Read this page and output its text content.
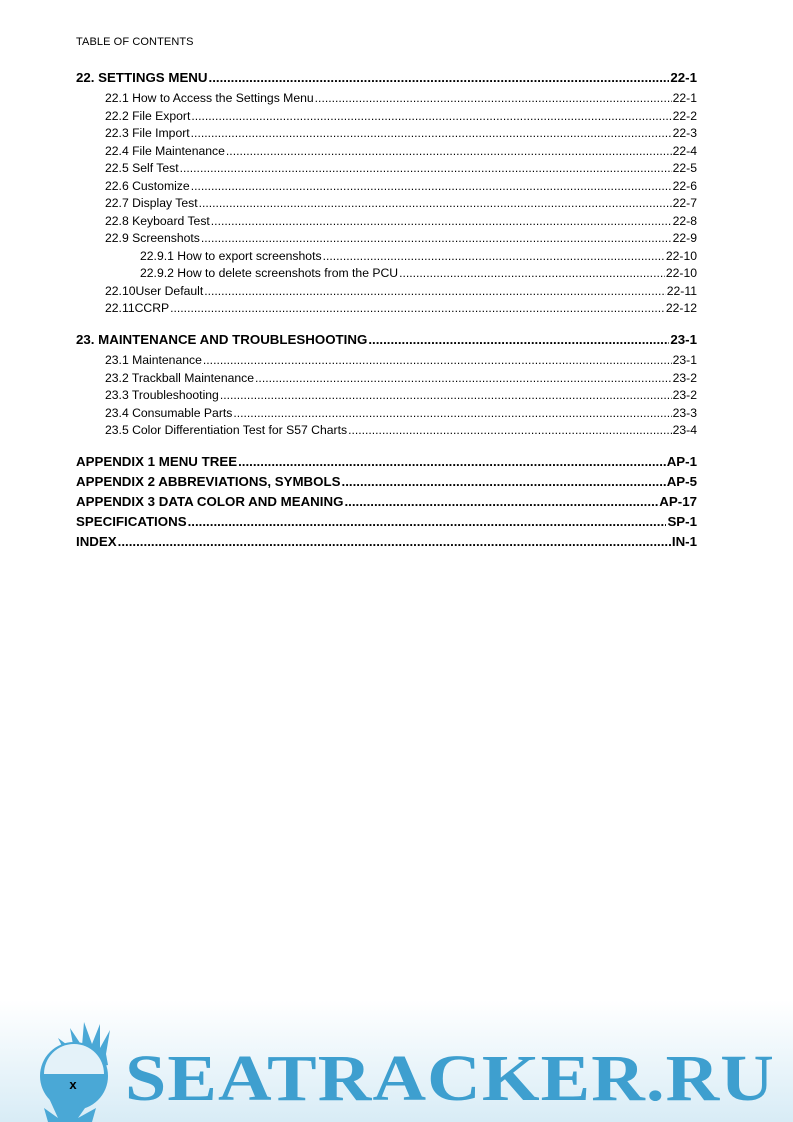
TABLE OF CONTENTS
22. SETTINGS MENU .....	22-1
22.1 How to Access the Settings Menu .....	22-1
22.2 File Export .....	22-2
22.3 File Import .....	22-3
22.4 File Maintenance .....	22-4
22.5 Self Test .....	22-5
22.6 Customize .....	22-6
22.7 Display Test .....	22-7
22.8 Keyboard Test .....	22-8
22.9 Screenshots .....	22-9
22.9.1 How to export screenshots .....	22-10
22.9.2 How to delete screenshots from the PCU .....	22-10
22.10User Default .....	22-11
22.11CCRP .....	22-12
23. MAINTENANCE AND TROUBLESHOOTING .....	23-1
23.1 Maintenance .....	23-1
23.2 Trackball Maintenance .....	23-2
23.3 Troubleshooting .....	23-2
23.4 Consumable Parts .....	23-3
23.5 Color Differentiation Test for S57 Charts .....	23-4
APPENDIX 1 MENU TREE .....	AP-1
APPENDIX 2 ABBREVIATIONS, SYMBOLS .....	AP-5
APPENDIX 3 DATA COLOR AND MEANING .....	AP-17
SPECIFICATIONS .....	SP-1
INDEX .....	IN-1
x SEATRACKER.RU
